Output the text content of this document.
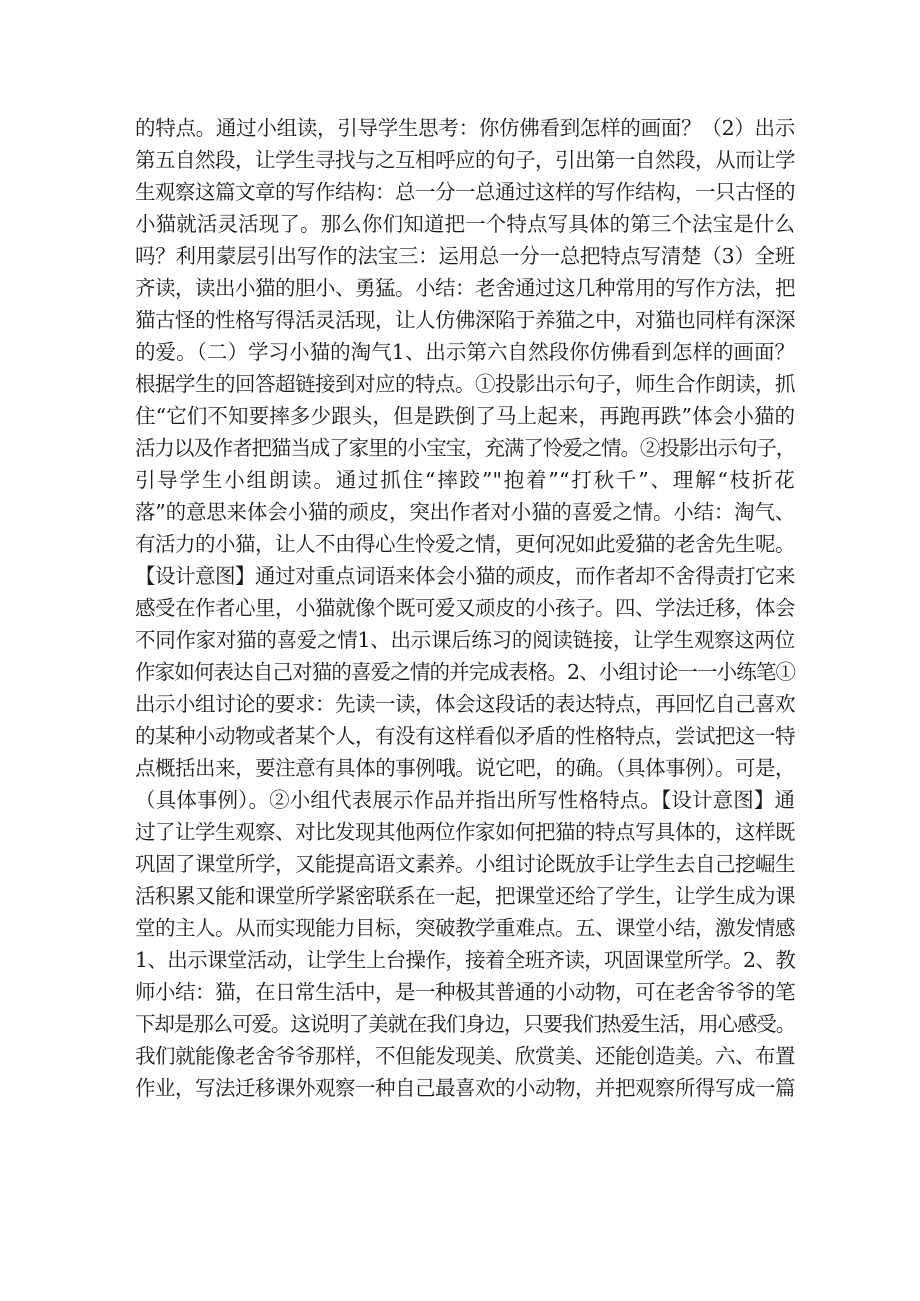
的特点。通过小组读，引导学生思考：你仿佛看到怎样的画面？（2）出示
第五自然段，让学生寻找与之互相呼应的句子，引出第一自然段，从而让学
生观察这篇文章的写作结构：总一分一总通过这样的写作结构，一只古怪的
小猫就活灵活现了。那么你们知道把一个特点写具体的第三个法宝是什么
吗？利用蒙层引出写作的法宝三：运用总一分一总把特点写清楚（3）全班
齐读，读出小猫的胆小、勇猛。小结：老舍通过这几种常用的写作方法，把
猫古怪的性格写得活灵活现，让人仿佛深陷于养猫之中，对猫也同样有深深
的爱。（二）学习小猫的淘气1、出示第六自然段你仿佛看到怎样的画面？
根据学生的回答超链接到对应的特点。①投影出示句子，师生合作朗读，抓
住“它们不知要摔多少跟头，但是跌倒了马上起来，再跑再跌”体会小猫的
活力以及作者把猫当成了家里的小宝宝，充满了怜爱之情。②投影出示句子，
引导学生小组朗读。通过抓住“摔跤”"抱着”“打秋千”、理解“枝折花
落”的意思来体会小猫的顽皮，突出作者对小猫的喜爱之情。小结：淘气、
有活力的小猫，让人不由得心生怜爱之情，更何况如此爱猫的老舍先生呢。
【设计意图】通过对重点词语来体会小猫的顽皮，而作者却不舍得责打它来
感受在作者心里，小猫就像个既可爱又顽皮的小孩子。四、学法迁移，体会
不同作家对猫的喜爱之情1、出示课后练习的阅读链接，让学生观察这两位
作家如何表达自己对猫的喜爱之情的并完成表格。2、小组讨论一一小练笔①
出示小组讨论的要求：先读一读，体会这段话的表达特点，再回忆自己喜欢
的某种小动物或者某个人，有没有这样看似矛盾的性格特点，尝试把这一特
点概括出来，要注意有具体的事例哦。说它吧，的确。（具体事例）。可是，
（具体事例）。②小组代表展示作品并指出所写性格特点。【设计意图】通
过了让学生观察、对比发现其他两位作家如何把猫的特点写具体的，这样既
巩固了课堂所学，又能提高语文素养。小组讨论既放手让学生去自己挖崛生
活积累又能和课堂所学紧密联系在一起，把课堂还给了学生，让学生成为课
堂的主人。从而实现能力目标，突破教学重难点。五、课堂小结，激发情感
1、出示课堂活动，让学生上台操作，接着全班齐读，巩固课堂所学。2、教
师小结：猫，在日常生活中，是一种极其普通的小动物，可在老舍爷爷的笔
下却是那么可爱。这说明了美就在我们身边，只要我们热爱生活，用心感受。
我们就能像老舍爷爷那样，不但能发现美、欣赏美、还能创造美。六、布置
作业，写法迁移课外观察一种自己最喜欢的小动物，并把观察所得写成一篇
